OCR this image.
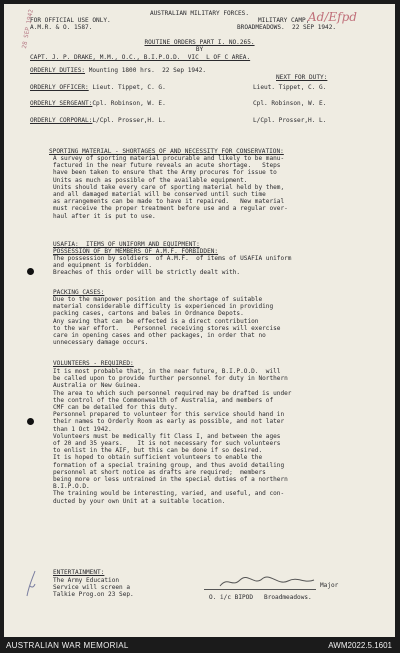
Ad/Efpd
28 SEP 1942	AUSTRALIAN MILITARY FORCES.
FOR OFFICIAL USE ONLY.
A.M.R. & O. 1587.
MILITARY CAMP,
BROADMEADOWS.  22 SEP 1942.
ROUTINE ORDERS PART I. NO.265.
BY
CAPT. J. P. DRAKE, M.M., O.C., B.I.P.O.D.  VIC  L OF C AREA.
ORDERLY DUTIES: Mounting 1800 hrs.  22 Sep 1942.
NEXT FOR DUTY:
ORDERLY OFFICER: Lieut. Tippet, C. G.	Lieut. Tippet, C. G.
ORDERLY SERGEANT:Cpl. Robinson, W. E.	Cpl. Robinson, W. E.
ORDERLY CORPORAL:L/Cpl. Prosser,H. L.	L/Cpl. Prosser,H. L.
SPORTING MATERIAL - SHORTAGES OF AND NECESSITY FOR CONSERVATION:
A survey of sporting material procurable and likely to be manu-
factured in the near future reveals an acute shortage.   Steps
have been taken to ensure that the Army procures for issue to
Units as much as possible of the available equipment.
Units should take every care of sporting material held by them,
and all damaged material will be conserved until such time
as arrangements can be made to have it repaired.   New material
must receive the proper treatment before use and a regular over-
haul after it is put to use.
USAFIA:  ITEMS OF UNIFORM AND EQUIPMENT:
POSSESSION OF BY MEMBERS OF A.M.F. FORBIDDEN:
The possession by soldiers  of A.M.F.  of items of USAFIA uniform
and equipment is forbidden.
Breaches of this order will be strictly dealt with.
PACKING CASES:
Due to the manpower position and the shortage of suitable
material considerable difficulty is experienced in providing
packing cases, cartons and bales in Ordnance Depots.
Any saving that can be effected is a direct contribution
to the war effort.    Personnel receiving stores will exercise
care in opening cases and other packages, in order that no
unnecessary damage occurs.
VOLUNTEERS - REQUIRED:
It is most probable that, in the near future, B.I.P.O.D.  will
be called upon to provide further personnel for duty in Northern
Australia or New Guinea.
The area to which such personnel required may be drafted is under
the control of the Commonwealth of Australia, and members of
CMF can be detailed for this duty.
Personnel prepared to volunteer for this service should hand in
their names to Orderly Room as early as possible, and not later
than 1 Oct 1942.
Volunteers must be medically fit Class I, and between the ages
of 20 and 35 years.    It is not necessary for such volunteers
to enlist in the AIF, but this can be done if so desired.
It is hoped to obtain sufficient volunteers to enable the
formation of a special training group, and thus avoid detailing
personnel at short notice as drafts are required;  members
being more or less untrained in the special duties of a northern
B.I.P.O.D.
The training would be interesting, varied, and useful, and con-
ducted by your own Unit at a suitable location.
ENTERTAINMENT:
The Army Education
Service will screen a
Talkie Prog.on 23 Sep.
Major
O. i/c BIPOD   Broadmeadows.
AUSTRALIAN WAR MEMORIAL	AWM2022.5.1601
